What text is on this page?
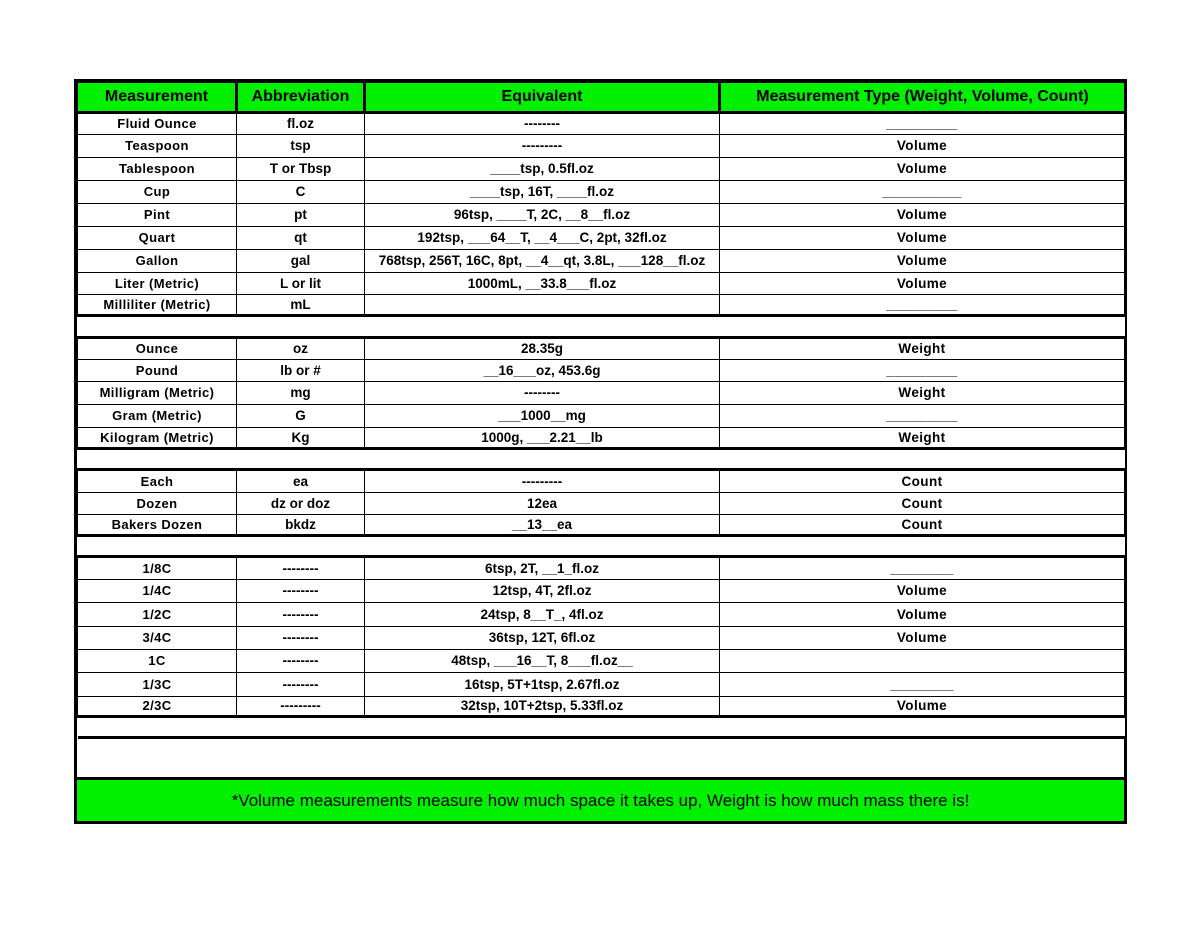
Measurement	Abbreviation	Equivalent	Measurement Type (Weight, Volume, Count)
Fluid Ounce	fl.oz	--------	_________
Teaspoon	tsp	---------	Volume
Tablespoon	T or Tbsp	____tsp, 0.5fl.oz	Volume
Cup	C	____tsp, 16T, ____fl.oz	__________
Pint	pt	96tsp, ____T, 2C, __8__fl.oz	Volume
Quart	qt	192tsp, ___64__T, __4___C, 2pt, 32fl.oz	Volume
Gallon	gal	768tsp, 256T, 16C, 8pt, __4__qt, 3.8L, ___128__fl.oz	Volume
Liter (Metric)	L or lit	1000mL, __33.8___fl.oz	Volume
Milliliter (Metric)	mL		_________

Ounce	oz	28.35g	Weight
Pound	lb or #	__16___oz, 453.6g	_________
Milligram (Metric)	mg	--------	Weight
Gram (Metric)	G	___1000__mg	_________
Kilogram (Metric)	Kg	1000g, ___2.21__lb	Weight

Each	ea	---------	Count
Dozen	dz or doz	12ea	Count
Bakers Dozen	bkdz	__13__ea	Count

1/8C	--------	6tsp, 2T, __1_fl.oz	________
1/4C	--------	12tsp, 4T, 2fl.oz	Volume
1/2C	--------	24tsp, 8__T_, 4fl.oz	Volume
3/4C	--------	36tsp, 12T, 6fl.oz	Volume
1C	--------	48tsp, ___16__T, 8___fl.oz__	
1/3C	--------	16tsp, 5T+1tsp, 2.67fl.oz	________
2/3C	---------	32tsp, 10T+2tsp, 5.33fl.oz	Volume

*Volume measurements measure how much space it takes up, Weight is how much mass there is!
